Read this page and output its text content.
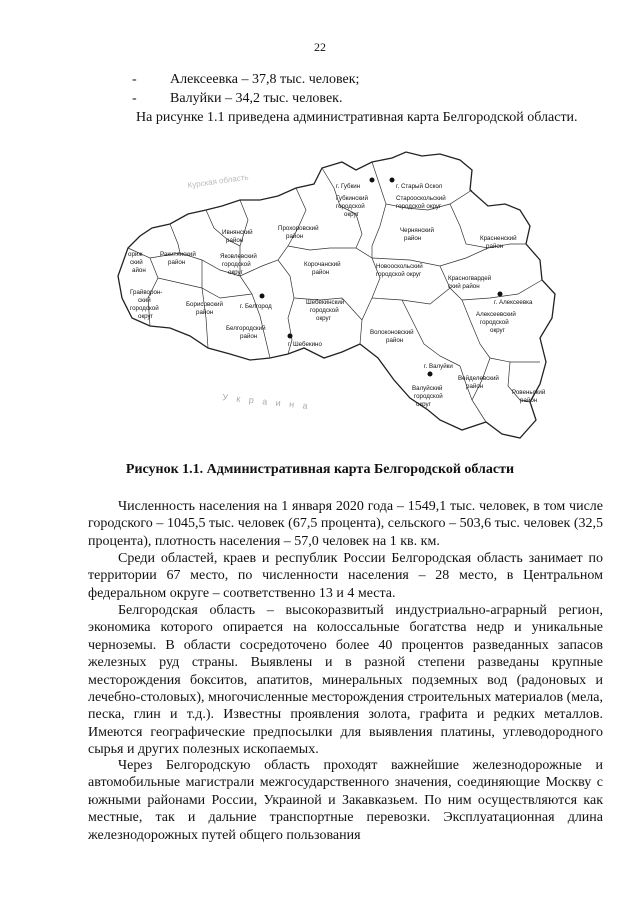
22
- Алексеевка – 37,8 тыс. человек;
- Валуйки – 34,2 тыс. человек.
На рисунке 1.1 приведена административная карта Белгородской области.
Курская область
У к р а и н а
г. Губкин	г. Старый Оскол
Губкинский городской округ
Старооскольский городской округ
Прохоровский район
Ивнянский район
Чернянский район	Красненский район
ориж ский айон
Ракитянский район
Яковлевский городской округ
Корочанский район
Новооскольский городской округ
Красногвардей ский район
г. Алексеевка
Грайворон- ский городской округ
Борисовский район
г. Белгород
Шебекинский городской округ
Алексеевский городской округ
Белгородский район
г. Шебекино
Волоконовский район
г. Валуйки
Валуйский городской округ
Вейделевский район
Ровеньский район
Рисунок 1.1. Административная карта Белгородской области

Численность населения на 1 января 2020 года – 1549,1 тыс. человек, в том числе городского – 1045,5 тыс. человек (67,5 процента), сельского – 503,6 тыс. человек (32,5 процента), плотность населения – 57,0 человек на 1 кв. км.

Среди областей, краев и республик России Белгородская область занимает по территории 67 место, по численности населения – 28 место, в Центральном федеральном округе – соответственно 13 и 4 места.

Белгородская область – высокоразвитый индустриально-аграрный регион, экономика которого опирается на колоссальные богатства недр и уникальные черноземы. В области сосредоточено более 40 процентов разведанных запасов железных руд страны. Выявлены и в разной степени разведаны крупные месторождения бокситов, апатитов, минеральных подземных вод (радоновых и лечебно-столовых), многочисленные месторождения строительных материалов (мела, песка, глин и т.д.). Известны проявления золота, графита и редких металлов. Имеются географические предпосылки для выявления платины, углеводородного сырья и других полезных ископаемых.

Через Белгородскую область проходят важнейшие железнодорожные и автомобильные магистрали межгосударственного значения, соединяющие Москву с южными районами России, Украиной и Закавказьем. По ним осуществляются как местные, так и дальние транспортные перевозки. Эксплуатационная длина железнодорожных путей общего пользования
